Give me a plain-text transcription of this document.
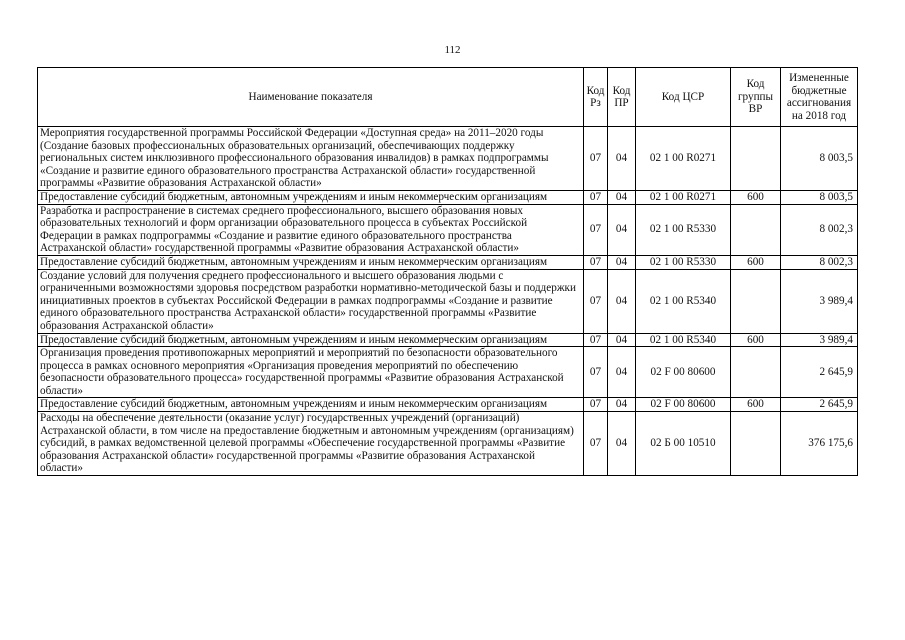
112
Наименование показателя	Код Рз	Код ПР	Код ЦСР	Код группы ВР	Измененные бюджетные ассигнования на 2018 год
Мероприятия государственной программы Российской Федерации «Доступная среда» на 2011–2020 годы (Создание базовых профессиональных образовательных организаций, обеспечивающих поддержку региональных систем инклюзивного профессионального образования инвалидов) в рамках подпрограммы «Создание и развитие единого образовательного пространства Астраханской области» государственной программы «Развитие образования Астраханской области»	07	04	02 1 00 R0271		8 003,5
Предоставление субсидий бюджетным, автономным учреждениям и иным некоммерческим организациям	07	04	02 1 00 R0271	600	8 003,5
Разработка и распространение в системах среднего профессионального, высшего образования новых образовательных технологий и форм организации образовательного процесса в субъектах Российской Федерации в рамках подпрограммы «Создание и развитие единого образовательного пространства Астраханской области» государственной программы «Развитие образования Астраханской области»	07	04	02 1 00 R5330		8 002,3
Предоставление субсидий бюджетным, автономным учреждениям и иным некоммерческим организациям	07	04	02 1 00 R5330	600	8 002,3
Создание условий для получения среднего профессионального и высшего образования людьми с ограниченными возможностями здоровья посредством разработки нормативно-методической базы и поддержки инициативных проектов в субъектах Российской Федерации в рамках подпрограммы «Создание и развитие единого образовательного пространства Астраханской области» государственной программы «Развитие образования Астраханской области»	07	04	02 1 00 R5340		3 989,4
Предоставление субсидий бюджетным, автономным учреждениям и иным некоммерческим организациям	07	04	02 1 00 R5340	600	3 989,4
Организация проведения противопожарных мероприятий и мероприятий по безопасности образовательного процесса в рамках основного мероприятия «Организация проведения мероприятий по обеспечению безопасности образовательного процесса» государственной программы «Развитие образования Астраханской области»	07	04	02 F 00 80600		2 645,9
Предоставление субсидий бюджетным, автономным учреждениям и иным некоммерческим организациям	07	04	02 F 00 80600	600	2 645,9
Расходы на обеспечение деятельности (оказание услуг) государственных учреждений (организаций) Астраханской области, в том числе на предоставление бюджетным и автономным учреждениям (организациям) субсидий, в рамках ведомственной целевой программы «Обеспечение государственной программы «Развитие образования Астраханской области» государственной программы «Развитие образования Астраханской области»	07	04	02 Б 00 10510		376 175,6
